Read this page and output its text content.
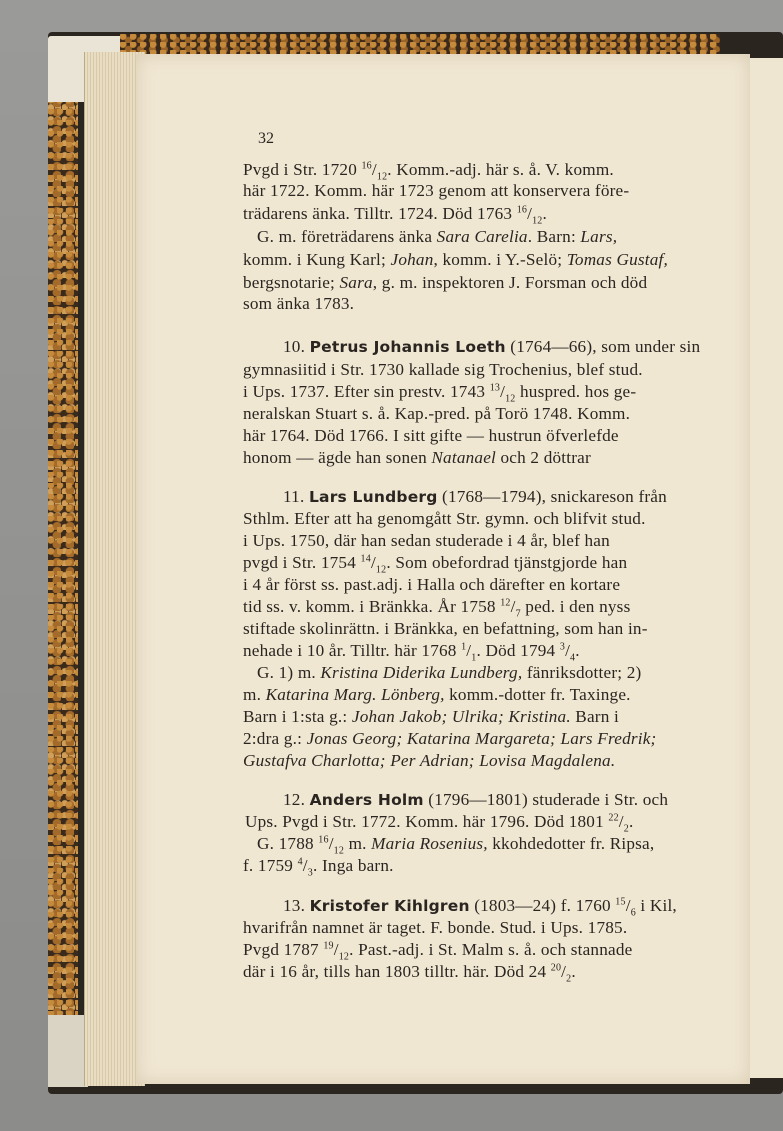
32
Pvgd i Str. 1720 $^{16}/_{12}$. Komm.-adj. här s. å. V. komm.
här 1722. Komm. här 1723 genom att konservera före-
trädarens änka. Tilltr. 1724. Död 1763 $^{16}/_{12}$.
G. m. företrädarens änka Sara Carelia. Barn: Lars,
komm. i Kung Karl; Johan, komm. i Y.-Selö; Tomas Gustaf,
bergsnotarie; Sara, g. m. inspektoren J. Forsman och död
som änka 1783.
10. Petrus Johannis Loeth (1764—66), som under sin
gymnasiitid i Str. 1730 kallade sig Trochenius, blef stud.
i Ups. 1737. Efter sin prestv. 1743 $^{13}/_{12}$ huspred. hos ge-
neralskan Stuart s. å. Kap.-pred. på Torö 1748. Komm.
här 1764. Död 1766. I sitt gifte — hustrun öfverlefde
honom — ägde han sonen Natanael och 2 döttrar
11. Lars Lundberg (1768—1794), snickareson från
Sthlm. Efter att ha genomgått Str. gymn. och blifvit stud.
i Ups. 1750, där han sedan studerade i 4 år, blef han
pvgd i Str. 1754 $^{14}/_{12}$. Som obefordrad tjänstgjorde han
i 4 år först ss. past.adj. i Halla och därefter en kortare
tid ss. v. komm. i Bränkka. År 1758 $^{12}/_7$ ped. i den nyss
stiftade skolinrättn. i Bränkka, en befattning, som han in-
nehade i 10 år. Tilltr. här 1768 $^1/_1$. Död 1794 $^3/_4$.
G. 1) m. Kristina Diderika Lundberg, fänriksdotter; 2)
m. Katarina Marg. Lönberg, komm.-dotter fr. Taxinge.
Barn i 1:sta g.: Johan Jakob; Ulrika; Kristina. Barn i
2:dra g.: Jonas Georg; Katarina Margareta; Lars Fredrik;
Gustafva Charlotta; Per Adrian; Lovisa Magdalena.
12. Anders Holm (1796—1801) studerade i Str. och
Ups. Pvgd i Str. 1772. Komm. här 1796. Död 1801 $^{22}/_2$.
G. 1788 $^{16}/_{12}$ m. Maria Rosenius, kkohdedotter fr. Ripsa,
f. 1759 $^4/_3$. Inga barn.
13. Kristofer Kihlgren (1803—24) f. 1760 $^{15}/_6$ i Kil,
hvarifrån namnet är taget. F. bonde. Stud. i Ups. 1785.
Pvgd 1787 $^{19}/_{12}$. Past.-adj. i St. Malm s. å. och stannade
där i 16 år, tills han 1803 tilltr. här. Död 24 $^{20}/_2$.
